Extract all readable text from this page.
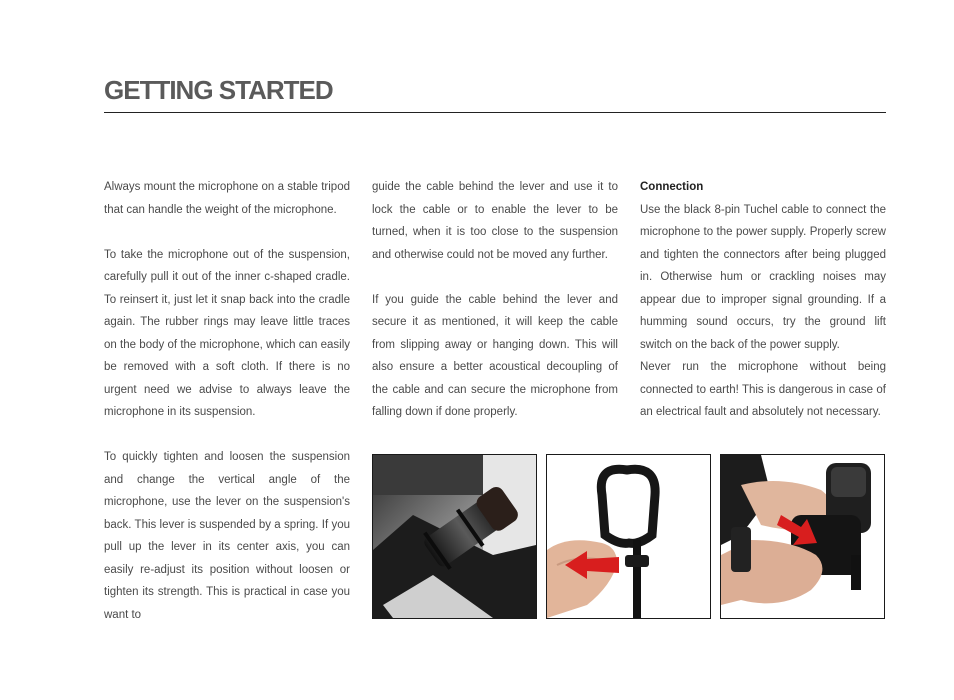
GETTING STARTED

Always mount the microphone on a stable tripod that can handle the weight of the microphone.

To take the microphone out of the suspension, carefully pull it out of the inner c-shaped cradle. To reinsert it, just let it snap back into the cradle again. The rubber rings may leave little traces on the body of the microphone, which can easily be removed with a soft cloth. If there is no urgent need we advise to always leave the microphone in its suspension.

To quickly tighten and loosen the suspension and change the vertical angle of the microphone, use the lever on the suspension's back. This lever is suspended by a spring. If you pull up the lever in its center axis, you can easily re-adjust its position without loosen or tighten its strength. This is practical in case you want to

guide the cable behind the lever and use it to lock the cable or to enable the lever to be turned, when it is too close to the suspension and otherwise could not be moved any further.

If you guide the cable behind the lever and secure it as mentioned, it will keep the cable from slipping away or hanging down. This will also ensure a better acoustical decoupling of the cable and can secure the microphone from falling down if done properly.

Connection

Use the black 8-pin Tuchel cable to connect the microphone to the power supply. Properly screw and tighten the connectors after being plugged in. Otherwise hum or crackling noises may appear due to improper signal grounding. If a humming sound occurs, try the ground lift switch on the back of the power supply.

Never run the microphone without being connected to earth! This is dangerous in case of an electrical fault and absolutely not necessary.
